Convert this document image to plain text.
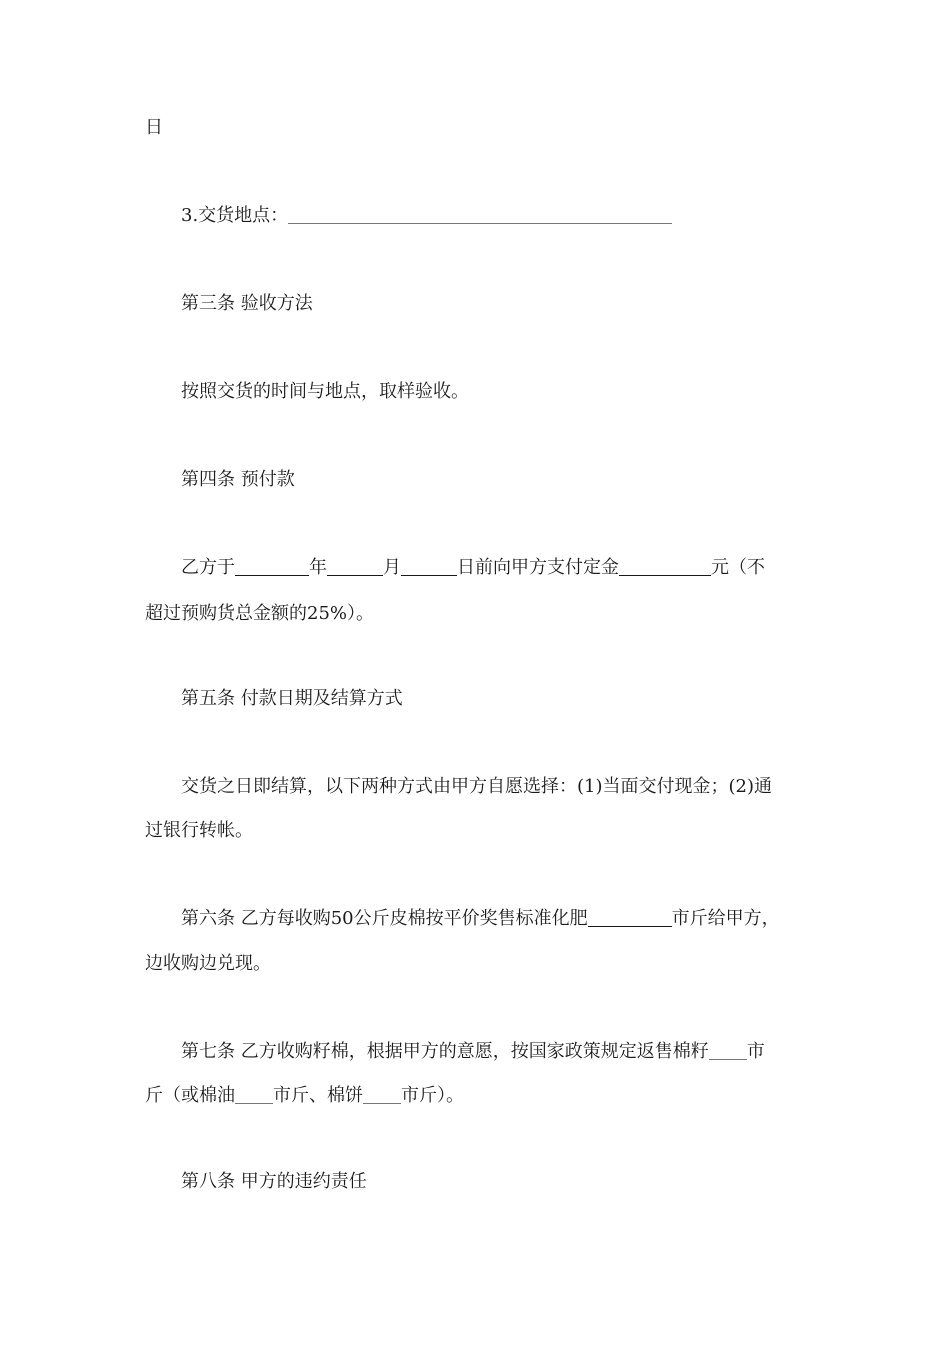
日
3.交货地点：
第三条 验收方法
按照交货的时间与地点，取样验收。
第四条 预付款
乙方于	年	月	日前向甲方支付定金	元（不
超过预购货总金额的25%）。
第五条 付款日期及结算方式
交货之日即结算，以下两种方式由甲方自愿选择：(1)当面交付现金；(2)通
过银行转帐。
第六条 乙方每收购50公斤皮棉按平价奖售标准化肥	市斤给甲方，
边收购边兑现。
第七条 乙方收购籽棉，根据甲方的意愿，按国家政策规定返售棉籽 市
斤（或棉油 市斤、棉饼 市斤）。
第八条 甲方的违约责任
